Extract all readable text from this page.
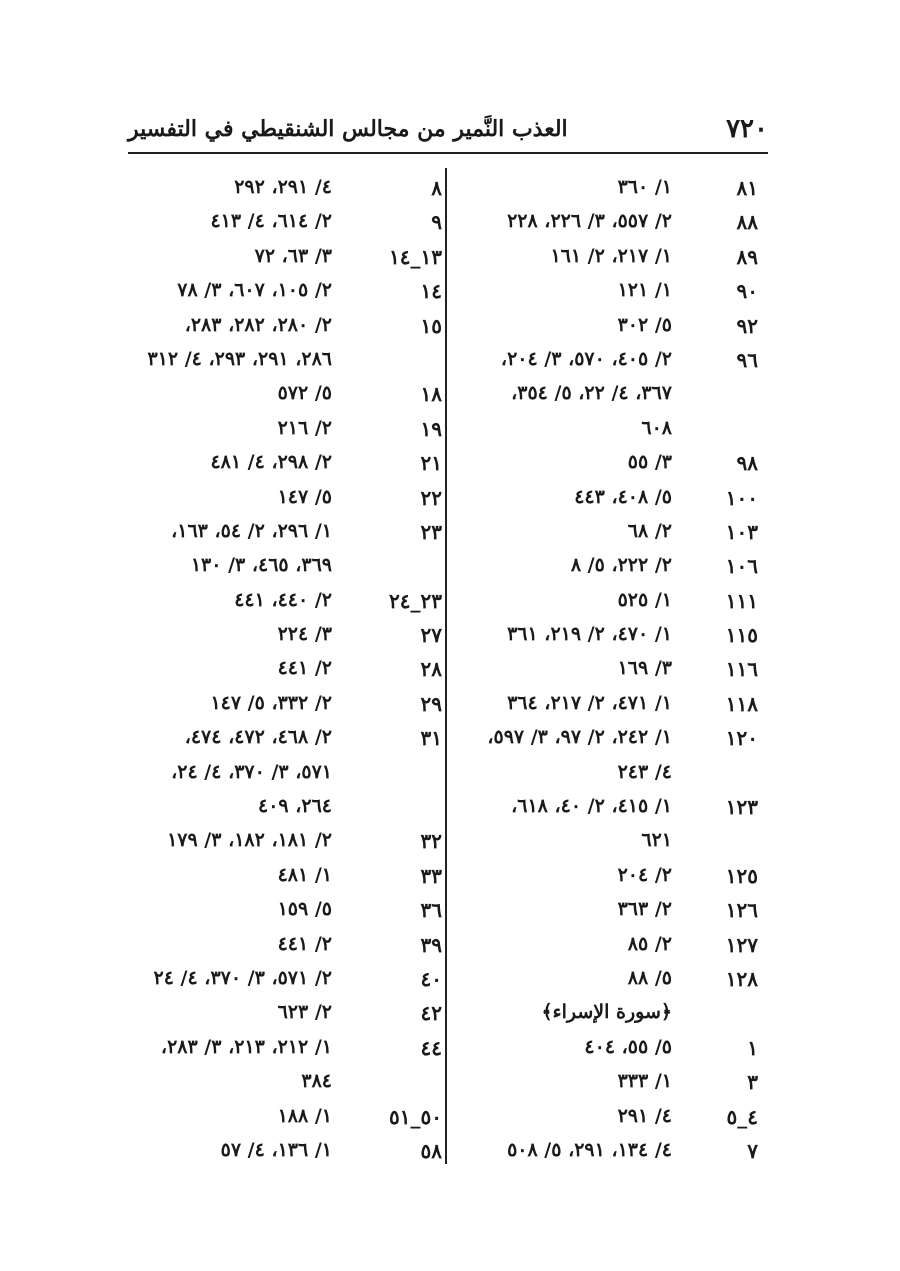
٧٢٠
العذب النَّمير من مجالس الشنقيطي في التفسير
٨١
١/ ٣٦٠
٨٨
٢/ ٥٥٧، ٣/ ٢٢٦، ٢٢٨
٨٩
١/ ٢١٧، ٢/ ١٦١
٩٠
١/ ١٢١
٩٢
٥/ ٣٠٢
٩٦
٢/ ٤٠٥، ٥٧٠، ٣/ ٢٠٤،
٣٦٧، ٤/ ٢٢، ٥/ ٣٥٤،
٦٠٨
٩٨
٣/ ٥٥
١٠٠
٥/ ٤٠٨، ٤٤٣
١٠٣
٢/ ٦٨
١٠٦
٢/ ٢٢٢، ٥/ ٨
١١١
١/ ٥٢٥
١١٥
١/ ٤٧٠، ٢/ ٢١٩، ٣٦١
١١٦
٣/ ١٦٩
١١٨
١/ ٤٧١، ٢/ ٢١٧، ٣٦٤
١٢٠
١/ ٢٤٢، ٢/ ٩٧، ٣/ ٥٩٧،
٤/ ٢٤٣
١٢٣
١/ ٤١٥، ٢/ ٤٠، ٦١٨،
٦٢١
١٢٥
٢/ ٢٠٤
١٢٦
٢/ ٣٦٣
١٢٧
٢/ ٨٥
١٢٨
٥/ ٨٨
﴿سورة الإسراء﴾
١
٥/ ٥٥، ٤٠٤
٣
١/ ٣٣٣
٤_٥
٤/ ٢٩١
٧
٤/ ١٣٤، ٢٩١، ٥/ ٥٠٨
٨
٤/ ٢٩١، ٢٩٢
٩
٢/ ٦١٤، ٤/ ٤١٣
١٣_١٤
٣/ ٦٣، ٧٢
١٤
٢/ ١٠٥، ٦٠٧، ٣/ ٧٨
١٥
٢/ ٢٨٠، ٢٨٢، ٢٨٣،
٢٨٦، ٢٩١، ٢٩٣، ٤/ ٣١٢
١٨
٥/ ٥٧٢
١٩
٢/ ٢١٦
٢١
٢/ ٢٩٨، ٤/ ٤٨١
٢٢
٥/ ١٤٧
٢٣
١/ ٢٩٦، ٢/ ٥٤، ١٦٣،
٣٦٩، ٤٦٥، ٣/ ١٣٠
٢٣_٢٤
٢/ ٤٤٠، ٤٤١
٢٧
٣/ ٢٢٤
٢٨
٢/ ٤٤١
٢٩
٢/ ٣٣٢، ٥/ ١٤٧
٣١
٢/ ٤٦٨، ٤٧٢، ٤٧٤،
٥٧١، ٣/ ٣٧٠، ٤/ ٢٤،
٢٦٤، ٤٠٩
٣٢
٢/ ١٨١، ١٨٢، ٣/ ١٧٩
٣٣
١/ ٤٨١
٣٦
٥/ ١٥٩
٣٩
٢/ ٤٤١
٤٠
٢/ ٥٧١، ٣/ ٣٧٠، ٤/ ٢٤
٤٢
٢/ ٦٢٣
٤٤
١/ ٢١٢، ٢١٣، ٣/ ٢٨٣،
٣٨٤
٥٠_٥١
١/ ١٨٨
٥٨
١/ ١٣٦، ٤/ ٥٧
